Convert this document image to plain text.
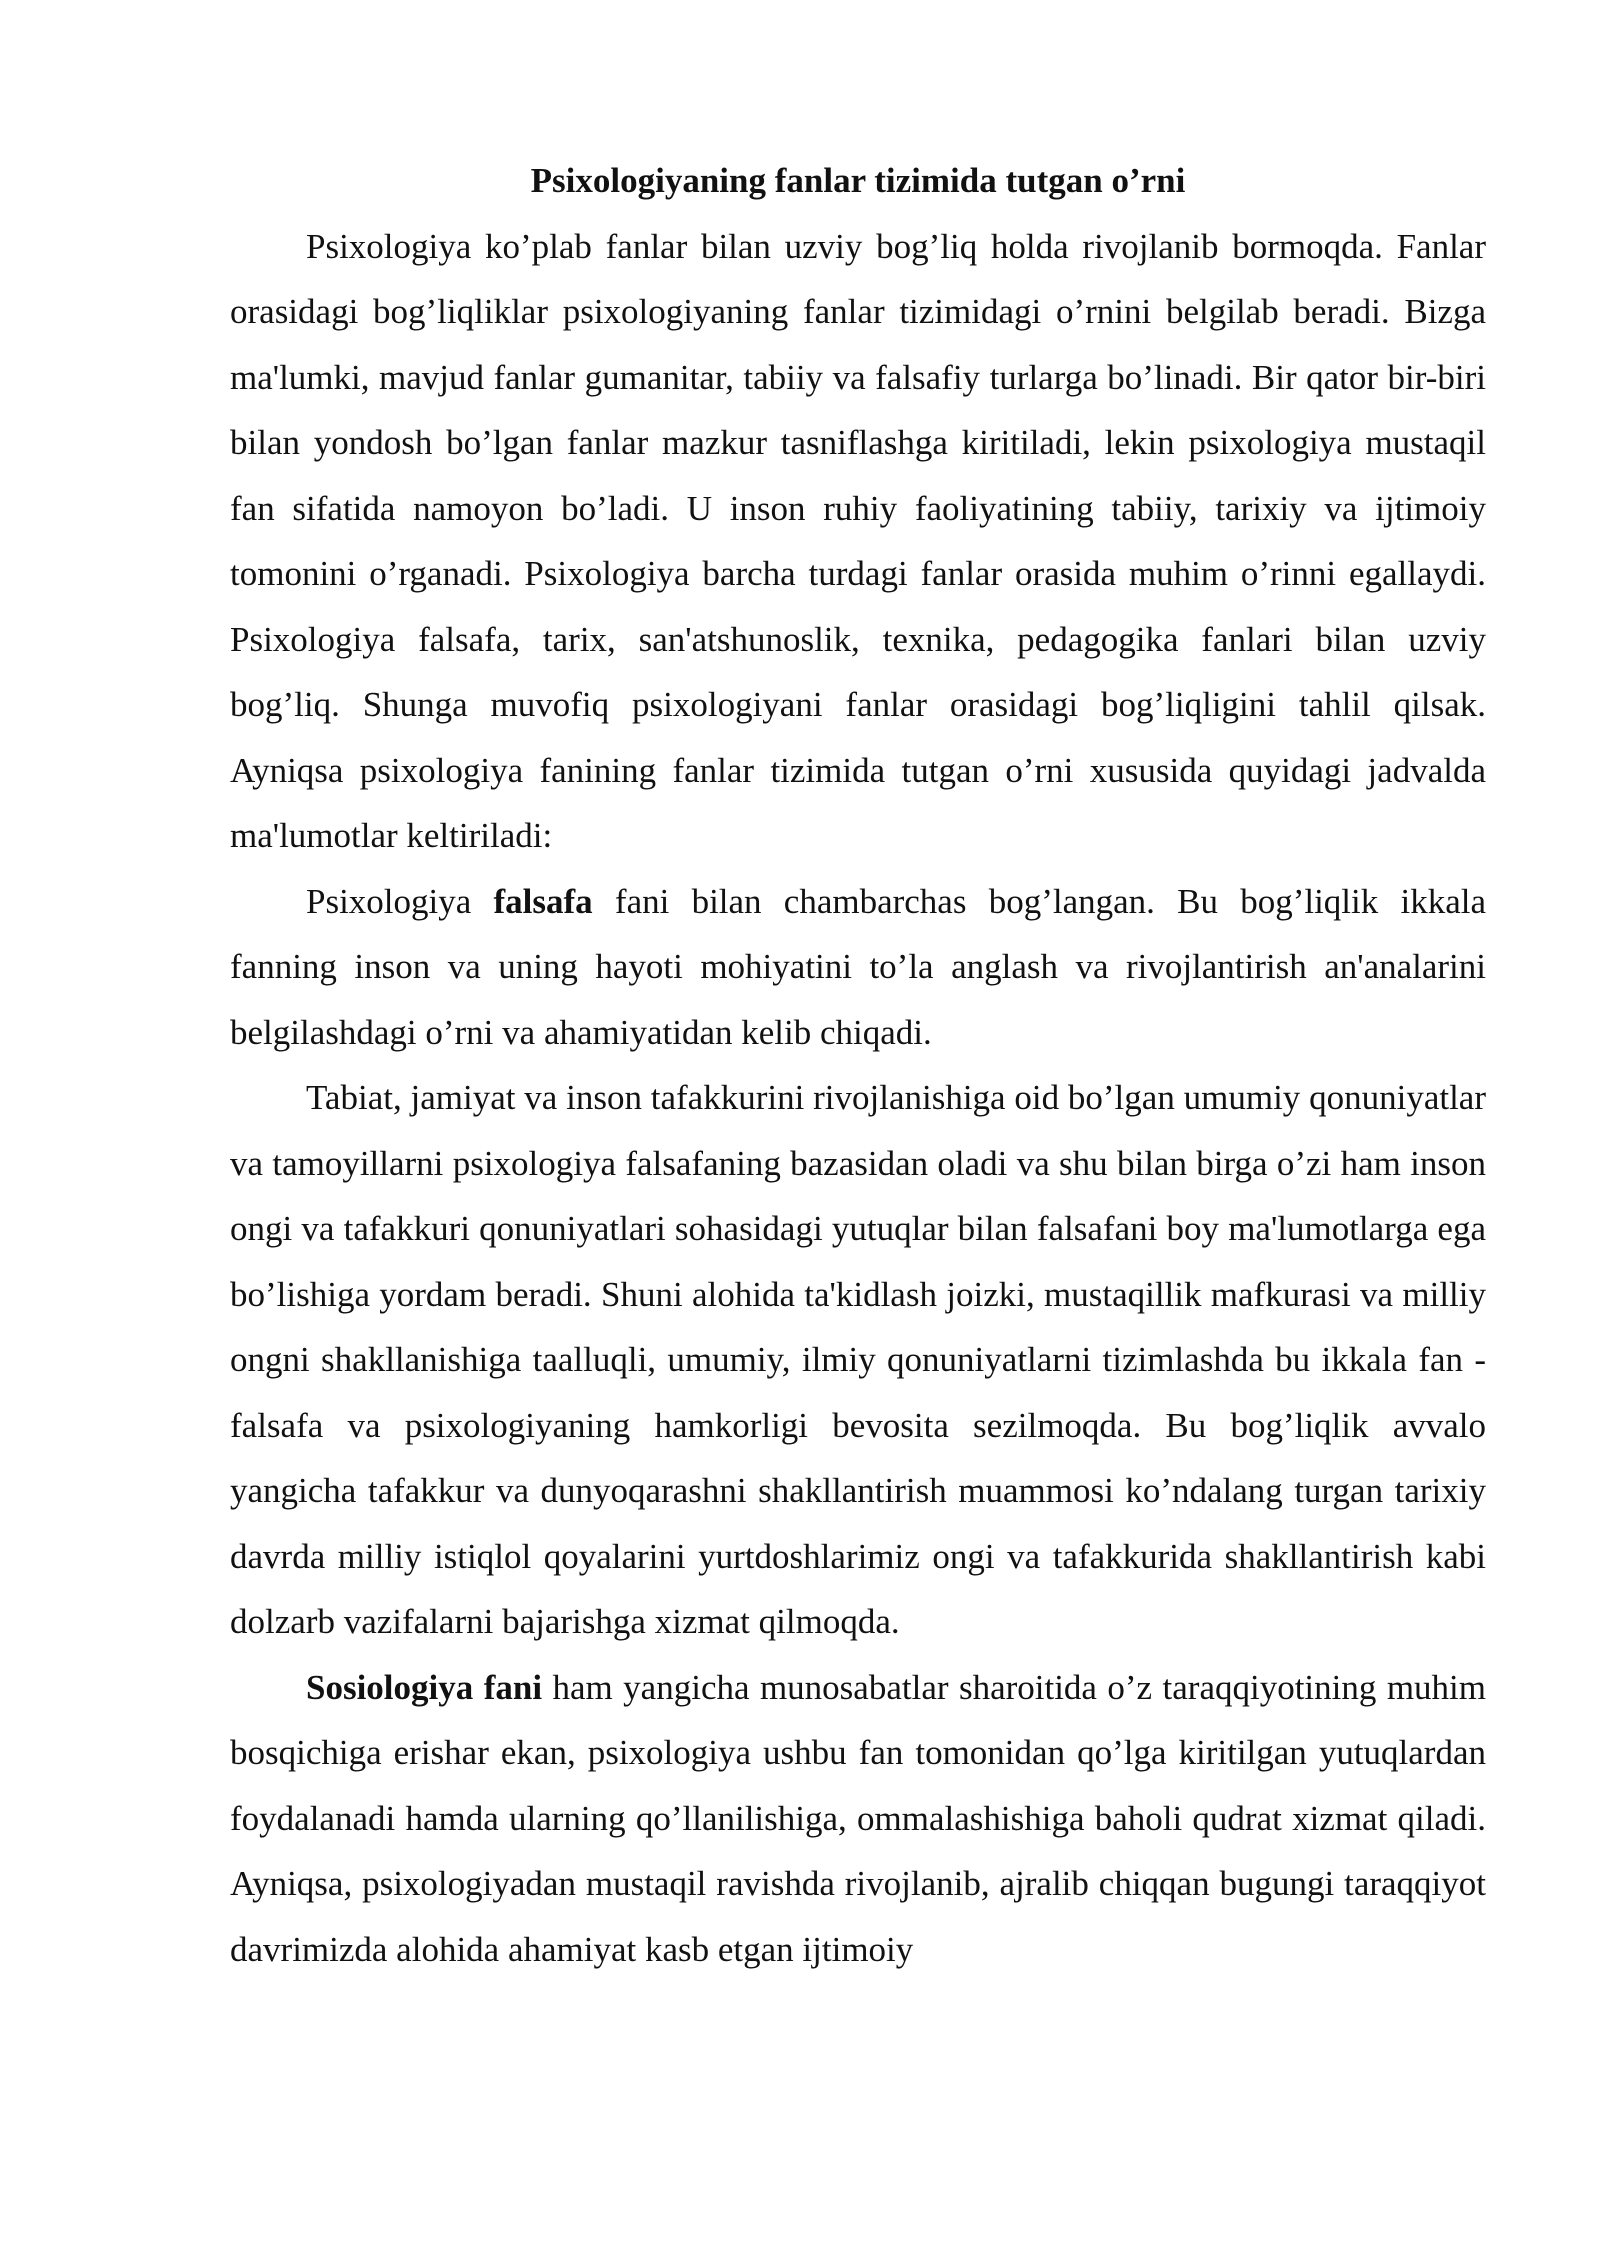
Psixologiyaning fanlar tizimida tutgan o’rni

Psixologiya ko’plab fanlar bilan uzviy bog’liq holda rivojlanib bormoqda. Fanlar orasidagi bog’liqliklar psixologiyaning fanlar tizimidagi o’rnini belgilab beradi. Bizga ma'lumki, mavjud fanlar gumanitar, tabiiy va falsafiy turlarga bo’linadi. Bir qator bir-biri bilan yondosh bo’lgan fanlar mazkur tasniflashga kiritiladi, lekin psixologiya mustaqil fan sifatida namoyon bo’ladi. U inson ruhiy faoliyatining tabiiy, tarixiy va ijtimoiy tomonini o’rganadi. Psixologiya barcha turdagi fanlar orasida muhim o’rinni egallaydi. Psixologiya falsafa, tarix, san'atshunoslik, texnika, pedagogika fanlari bilan uzviy bog’liq. Shunga muvofiq psixologiyani fanlar orasidagi bog’liqligini tahlil qilsak. Ayniqsa psixologiya fanining fanlar tizimida tutgan o’rni xususida quyidagi jadvalda ma'lumotlar keltiriladi:

Psixologiya falsafa fani bilan chambarchas bog’langan. Bu bog’liqlik ikkala fanning inson va uning hayoti mohiyatini to’la anglash va rivojlantirish an'analarini belgilashdagi o’rni va ahamiyatidan kelib chiqadi.

Tabiat, jamiyat va inson tafakkurini rivojlanishiga oid bo’lgan umumiy qonuniyatlar va tamoyillarni psixologiya falsafaning bazasidan oladi va shu bilan birga o’zi ham inson ongi va tafakkuri qonuniyatlari sohasidagi yutuqlar bilan falsafani boy ma'lumotlarga ega bo’lishiga yordam beradi. Shuni alohida ta'kidlash joizki, mustaqillik mafkurasi va milliy ongni shakllanishiga taalluqli, umumiy, ilmiy qonuniyatlarni tizimlashda bu ikkala fan - falsafa va psixologiyaning hamkorligi bevosita sezilmoqda. Bu bog’liqlik avvalo yangicha tafakkur va dunyoqarashni shakllantirish muammosi ko’ndalang turgan tarixiy davrda milliy istiqlol qoyalarini yurtdoshlarimiz ongi va tafakkurida shakllantirish kabi dolzarb vazifalarni bajarishga xizmat qilmoqda.

Sosiologiya fani ham yangicha munosabatlar sharoitida o’z taraqqiyotining muhim bosqichiga erishar ekan, psixologiya ushbu fan tomonidan qo’lga kiritilgan yutuqlardan foydalanadi hamda ularning qo’llanilishiga, ommalashishiga baholi qudrat xizmat qiladi. Ayniqsa, psixologiyadan mustaqil ravishda rivojlanib, ajralib chiqqan bugungi taraqqiyot davrimizda alohida ahamiyat kasb etgan ijtimoiy
